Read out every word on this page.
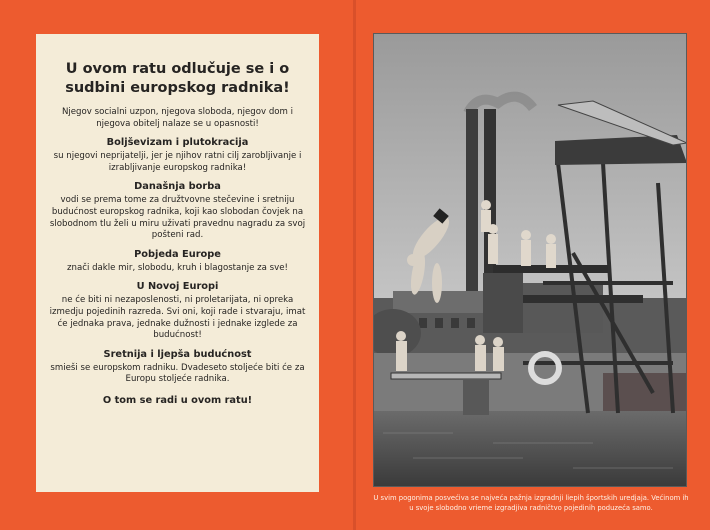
U ovom ratu odlučuje se i o sudbini europskog radnika!

Njegov socialni uzpon, njegova sloboda, njegov dom i njegova obitelj nalaze se u opasnosti!

Boljševizam i plutokracija

su njegovi neprijatelji, jer je njihov ratni cilj zarobljivanje i izrabljivanje europskog radnika!

Današnja borba

vodi se prema tome za družtvovne stečevine i sretniju budućnost europskog radnika, koji kao slobodan čovjek na slobodnom tlu želi u miru uživati pravednu nagradu za svoj pošteni rad.

Pobjeda Europe

znači dakle mir, slobodu, kruh i blagostanje za sve!

U Novoj Europi

ne će biti ni nezaposlenosti, ni proletarijata, ni opreka izmedju pojedinih razreda. Svi oni, koji rade i stvaraju, imat će jednaka prava, jednake dužnosti i jednake izglede za budućnost!

Sretnija i ljepša budućnost

smieši se europskom radniku. Dvadeseto stoljeće biti će za Europu stoljeće radnika.

O tom se radi u ovom ratu!
U svim pogonima posvećiva se najveća pažnja izgradnji liepih športskih uredjaja. Većinom ih u svoje slobodno vrieme izgradjiva radničtvo pojedinih poduzeća samo.
